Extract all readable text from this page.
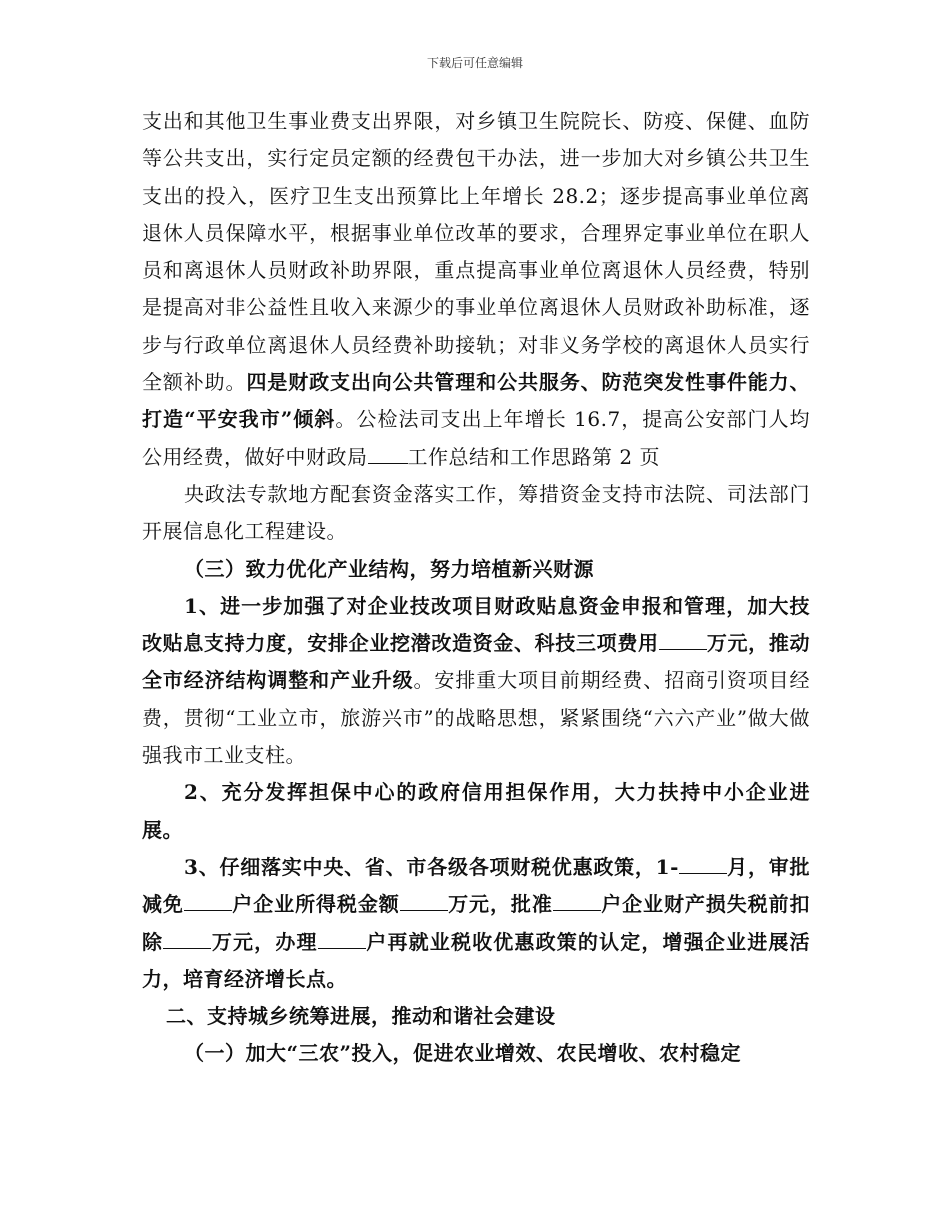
下载后可任意编辑

支出和其他卫生事业费支出界限，对乡镇卫生院院长、防疫、保健、血防等公共支出，实行定员定额的经费包干办法，进一步加大对乡镇公共卫生支出的投入，医疗卫生支出预算比上年增长 28.2；逐步提高事业单位离退休人员保障水平，根据事业单位改革的要求，合理界定事业单位在职人员和离退休人员财政补助界限，重点提高事业单位离退休人员经费，特别是提高对非公益性且收入来源少的事业单位离退休人员财政补助标准，逐步与行政单位离退休人员经费补助接轨；对非义务学校的离退休人员实行全额补助。四是财政支出向公共管理和公共服务、防范突发性事件能力、打造“平安我市”倾斜。公检法司支出上年增长 16.7，提高公安部门人均公用经费，做好中财政局 工作总结和工作思路第 2 页

央政法专款地方配套资金落实工作，筹措资金支持市法院、司法部门开展信息化工程建设。

（三）致力优化产业结构，努力培植新兴财源

1、进一步加强了对企业技改项目财政贴息资金申报和管理，加大技改贴息支持力度，安排企业挖潜改造资金、科技三项费用 万元，推动全市经济结构调整和产业升级。安排重大项目前期经费、招商引资项目经费，贯彻“工业立市，旅游兴市”的战略思想，紧紧围绕“六六产业”做大做强我市工业支柱。

2、充分发挥担保中心的政府信用担保作用，大力扶持中小企业进展。

3、仔细落实中央、省、市各级各项财税优惠政策，1- 月，审批减免 户企业所得税金额 万元，批准 户企业财产损失税前扣除 万元，办理 户再就业税收优惠政策的认定，增强企业进展活力，培育经济增长点。

二、支持城乡统筹进展，推动和谐社会建设

（一）加大“三农”投入，促进农业增效、农民增收、农村稳定
